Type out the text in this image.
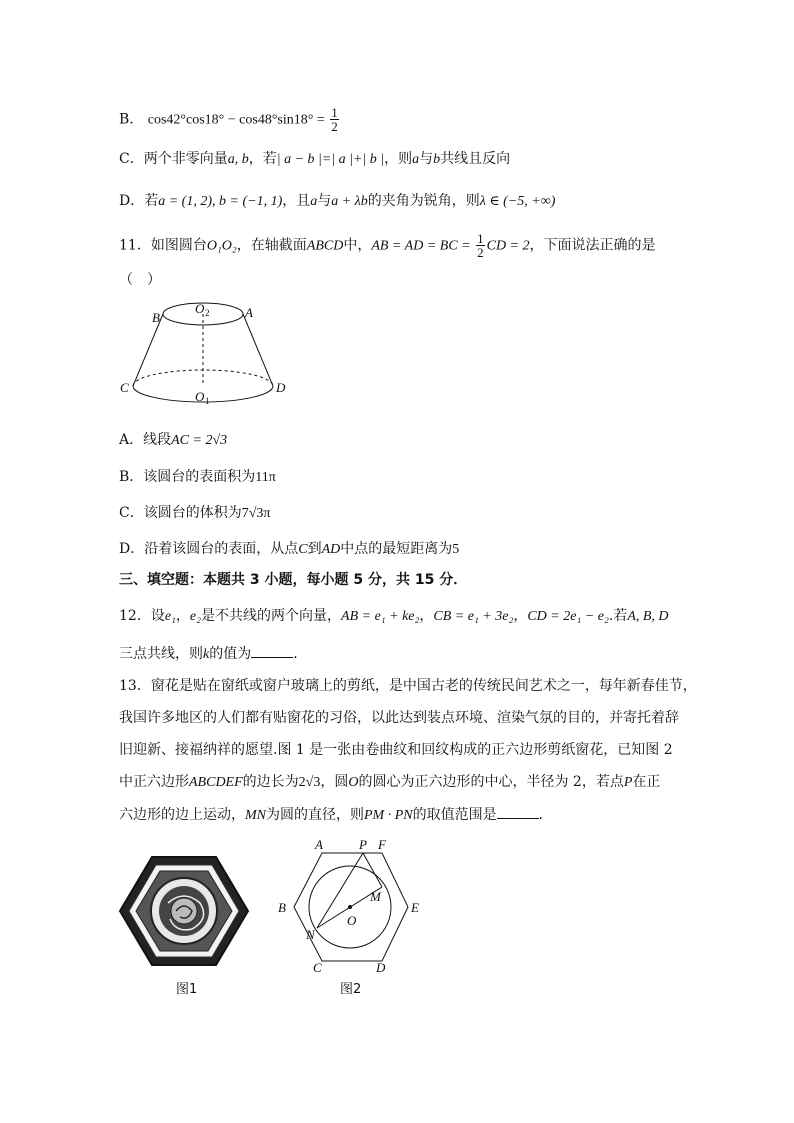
B． $\cos 42^\circ\cos 18^\circ - \cos 48^\circ\sin 18^\circ = \frac{1}{2}$
C．两个非零向量a, b，若| a − b |=| a |+| b |，则a与b共线且反向
D．若a = (1, 2), b = (−1, 1)，且a与a + λb的夹角为锐角，则λ ∈ (−5, +∞)
11．如图圆台O₁O₂，在轴截面ABCD中，AB = AD = BC = $\frac{1}{2}$ CD = 2，下面说法正确的是
（　）
B	A
O 2
C	D
O 1
A．线段AC = 2√3
B．该圆台的表面积为11π
C．该圆台的体积为7√3π
D．沿着该圆台的表面，从点C到AD中点的最短距离为5
三、填空题：本题共 3 小题，每小题 5 分，共 15 分．
12．设e₁，e₂是不共线的两个向量，AB = e₁ + ke₂，CB = e₁ + 3e₂，CD = 2e₁ − e₂.若A, B, D
三点共线，则k的值为	.
13．窗花是贴在窗纸或窗户玻璃上的剪纸，是中国古老的传统民间艺术之一，每年新春佳节，
我国许多地区的人们都有贴窗花的习俗，以此达到装点环境、渲染气氛的目的，并寄托着辞
旧迎新、接福纳祥的愿望.图 1 是一张由卷曲纹和回纹构成的正六边形剪纸窗花，已知图 2
中正六边形ABCDEF的边长为2√3，圆O的圆心为正六边形的中心，半径为 2，若点P在正
六边形的边上运动，MN为圆的直径，则PM · PN的取值范围是	．
图1
A	P F
B	E
C	D
M
N
O
图2
